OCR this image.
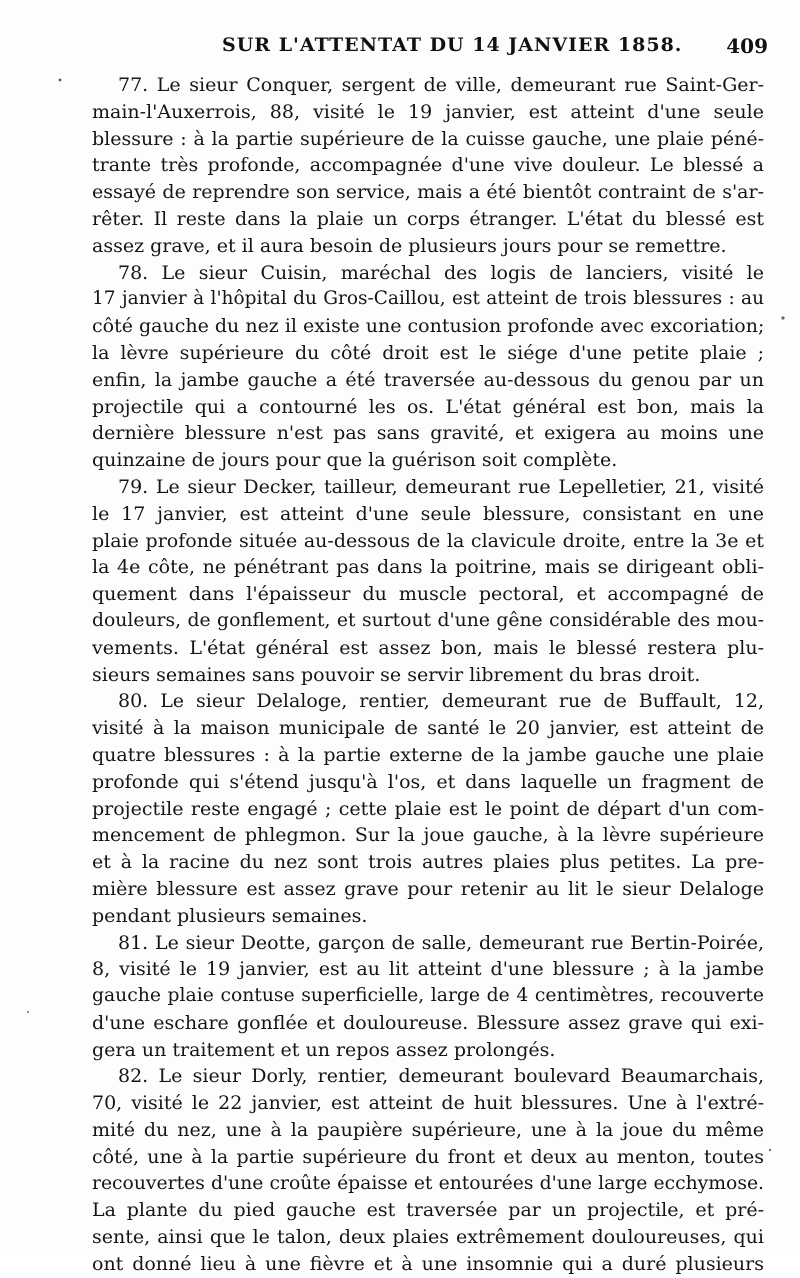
SUR L'ATTENTAT DU 14 JANVIER 1858. 409
77. Le sieur Conquer, sergent de ville, demeurant rue Saint-Ger-
main-l'Auxerrois, 88, visité le 19 janvier, est atteint d'une seule
blessure : à la partie supérieure de la cuisse gauche, une plaie péné-
trante très profonde, accompagnée d'une vive douleur. Le blessé a
essayé de reprendre son service, mais a été bientôt contraint de s'ar-
rêter. Il reste dans la plaie un corps étranger. L'état du blessé est
assez grave, et il aura besoin de plusieurs jours pour se remettre.
78. Le sieur Cuisin, maréchal des logis de lanciers, visité le
17 janvier à l'hôpital du Gros-Caillou, est atteint de trois blessures : au
côté gauche du nez il existe une contusion profonde avec excoriation;
la lèvre supérieure du côté droit est le siége d'une petite plaie ;
enfin, la jambe gauche a été traversée au-dessous du genou par un
projectile qui a contourné les os. L'état général est bon, mais la
dernière blessure n'est pas sans gravité, et exigera au moins une
quinzaine de jours pour que la guérison soit complète.
79. Le sieur Decker, tailleur, demeurant rue Lepelletier, 21, visité
le 17 janvier, est atteint d'une seule blessure, consistant en une
plaie profonde située au-dessous de la clavicule droite, entre la 3e et
la 4e côte, ne pénétrant pas dans la poitrine, mais se dirigeant obli-
quement dans l'épaisseur du muscle pectoral, et accompagné de
douleurs, de gonflement, et surtout d'une gêne considérable des mou-
vements. L'état général est assez bon, mais le blessé restera plu-
sieurs semaines sans pouvoir se servir librement du bras droit.
80. Le sieur Delaloge, rentier, demeurant rue de Buffault, 12,
visité à la maison municipale de santé le 20 janvier, est atteint de
quatre blessures : à la partie externe de la jambe gauche une plaie
profonde qui s'étend jusqu'à l'os, et dans laquelle un fragment de
projectile reste engagé ; cette plaie est le point de départ d'un com-
mencement de phlegmon. Sur la joue gauche, à la lèvre supérieure
et à la racine du nez sont trois autres plaies plus petites. La pre-
mière blessure est assez grave pour retenir au lit le sieur Delaloge
pendant plusieurs semaines.
81. Le sieur Deotte, garçon de salle, demeurant rue Bertin-Poirée,
8, visité le 19 janvier, est au lit atteint d'une blessure ; à la jambe
gauche plaie contuse superficielle, large de 4 centimètres, recouverte
d'une eschare gonflée et douloureuse. Blessure assez grave qui exi-
gera un traitement et un repos assez prolongés.
82. Le sieur Dorly, rentier, demeurant boulevard Beaumarchais,
70, visité le 22 janvier, est atteint de huit blessures. Une à l'extré-
mité du nez, une à la paupière supérieure, une à la joue du même
côté, une à la partie supérieure du front et deux au menton, toutes
recouvertes d'une croûte épaisse et entourées d'une large ecchymose.
La plante du pied gauche est traversée par un projectile, et pré-
sente, ainsi que le talon, deux plaies extrêmement douloureuses, qui
ont donné lieu à une fièvre et à une insomnie qui a duré plusieurs
